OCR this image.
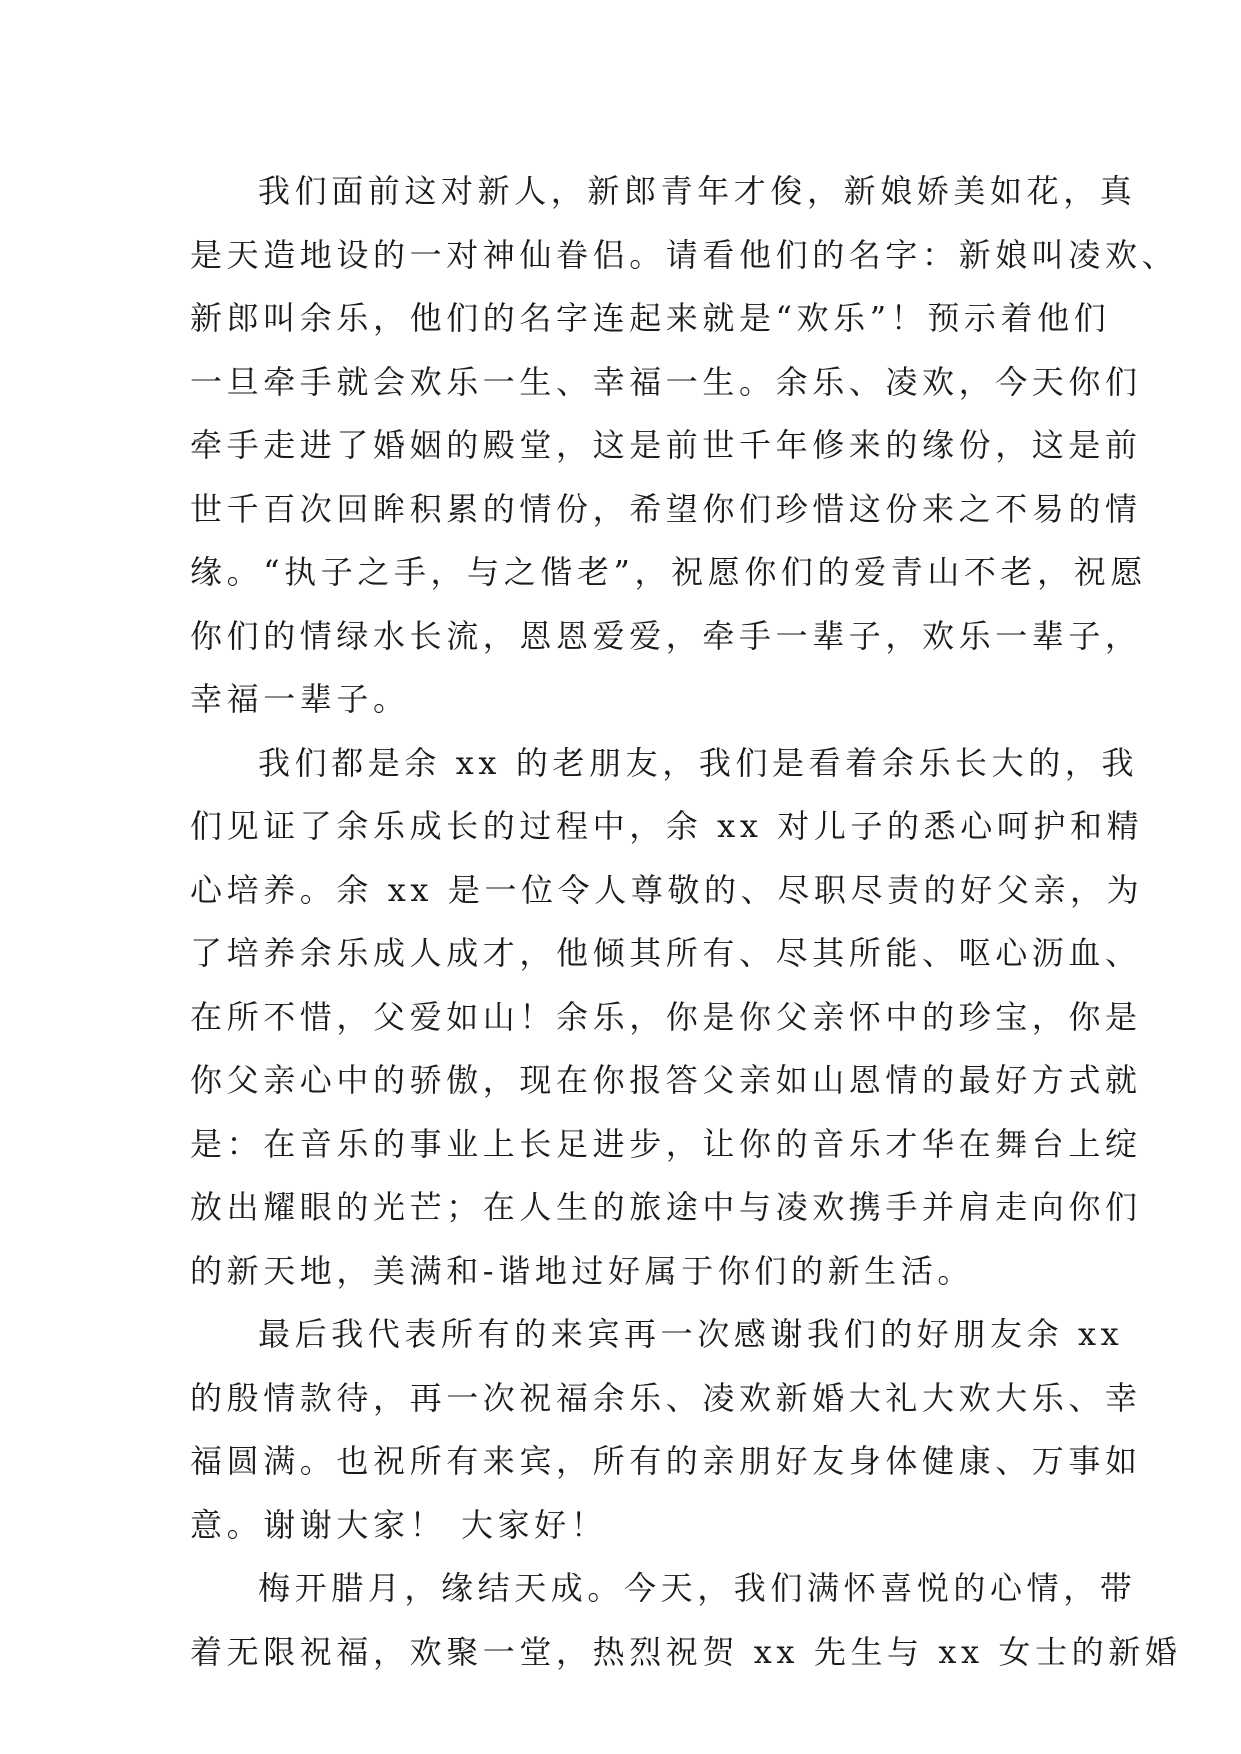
我们面前这对新人，新郎青年才俊，新娘娇美如花，真
是天造地设的一对神仙眷侣。请看他们的名字：新娘叫凌欢、
新郎叫余乐，他们的名字连起来就是“欢乐”！预示着他们
一旦牵手就会欢乐一生、幸福一生。余乐、凌欢，今天你们
牵手走进了婚姻的殿堂，这是前世千年修来的缘份，这是前
世千百次回眸积累的情份，希望你们珍惜这份来之不易的情
缘。“执子之手，与之偕老”，祝愿你们的爱青山不老，祝愿
你们的情绿水长流，恩恩爱爱，牵手一辈子，欢乐一辈子，
幸福一辈子。
我们都是余 xx 的老朋友，我们是看着余乐长大的，我
们见证了余乐成长的过程中，余 xx 对儿子的悉心呵护和精
心培养。余 xx 是一位令人尊敬的、尽职尽责的好父亲，为
了培养余乐成人成才，他倾其所有、尽其所能、呕心沥血、
在所不惜，父爱如山！余乐，你是你父亲怀中的珍宝，你是
你父亲心中的骄傲，现在你报答父亲如山恩情的最好方式就
是：在音乐的事业上长足进步，让你的音乐才华在舞台上绽
放出耀眼的光芒；在人生的旅途中与凌欢携手并肩走向你们
的新天地，美满和-谐地过好属于你们的新生活。
最后我代表所有的来宾再一次感谢我们的好朋友余 xx
的殷情款待，再一次祝福余乐、凌欢新婚大礼大欢大乐、幸
福圆满。也祝所有来宾，所有的亲朋好友身体健康、万事如
意。谢谢大家！ 大家好！
梅开腊月，缘结天成。今天，我们满怀喜悦的心情，带
着无限祝福，欢聚一堂，热烈祝贺 xx 先生与 xx 女士的新婚
